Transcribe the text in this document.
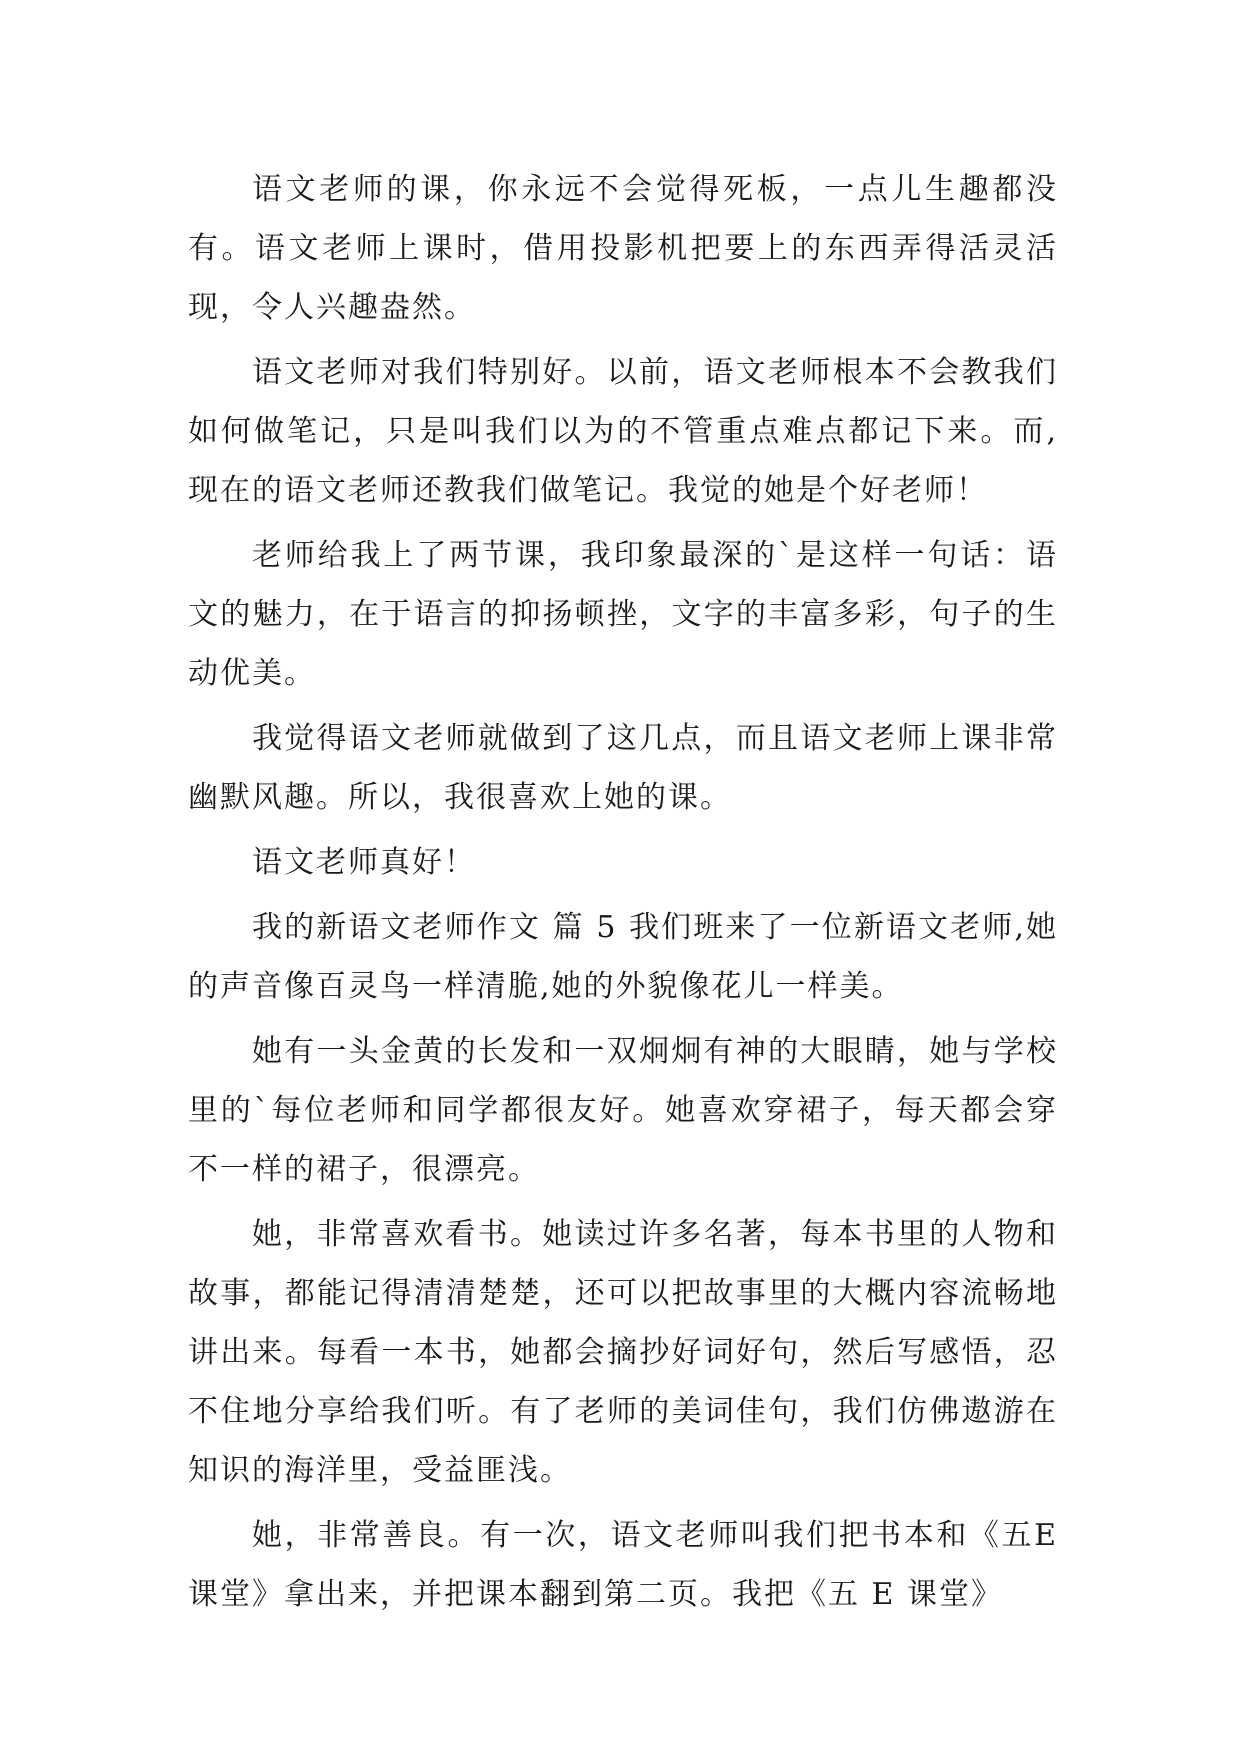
语文老师的课，你永远不会觉得死板，一点儿生趣都没有。语文老师上课时，借用投影机把要上的东西弄得活灵活现，令人兴趣盎然。

语文老师对我们特别好。以前，语文老师根本不会教我们如何做笔记，只是叫我们以为的不管重点难点都记下来。而,现在的语文老师还教我们做笔记。我觉的她是个好老师！

老师给我上了两节课，我印象最深的`是这样一句话：语文的魅力，在于语言的抑扬顿挫，文字的丰富多彩，句子的生动优美。

我觉得语文老师就做到了这几点，而且语文老师上课非常幽默风趣。所以，我很喜欢上她的课。

语文老师真好！

我的新语文老师作文 篇 5 我们班来了一位新语文老师,她的声音像百灵鸟一样清脆,她的外貌像花儿一样美。

她有一头金黄的长发和一双炯炯有神的大眼睛，她与学校里的`每位老师和同学都很友好。她喜欢穿裙子，每天都会穿不一样的裙子，很漂亮。

她，非常喜欢看书。她读过许多名著，每本书里的人物和故事，都能记得清清楚楚，还可以把故事里的大概内容流畅地讲出来。每看一本书，她都会摘抄好词好句，然后写感悟，忍不住地分享给我们听。有了老师的美词佳句，我们仿佛遨游在知识的海洋里，受益匪浅。

她，非常善良。有一次，语文老师叫我们把书本和《五E 课堂》拿出来，并把课本翻到第二页。我把《五 E 课堂》
